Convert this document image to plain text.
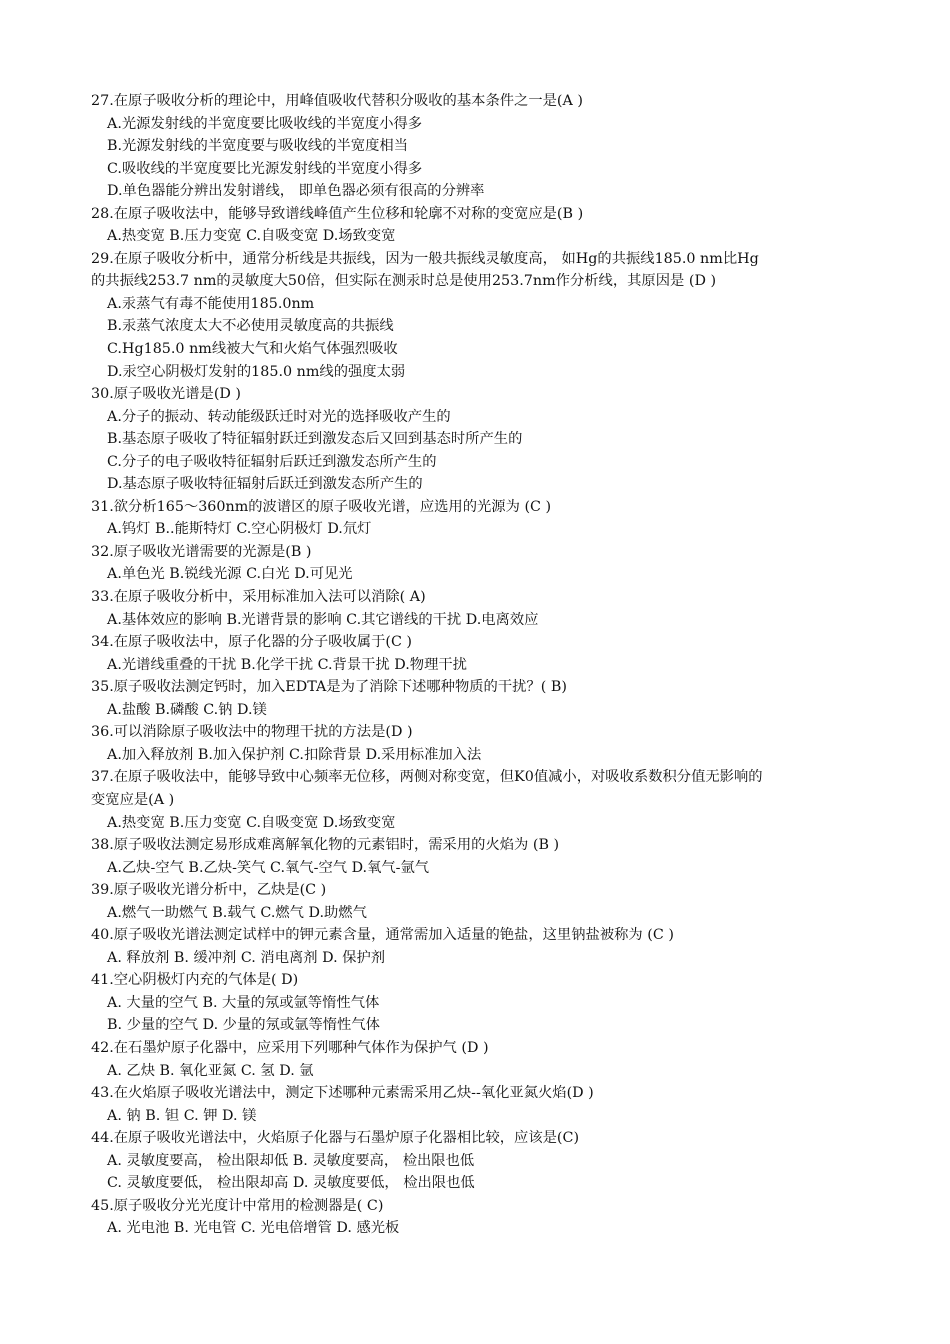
27.在原子吸收分析的理论中，用峰值吸收代替积分吸收的基本条件之一是(A )
A.光源发射线的半宽度要比吸收线的半宽度小得多
B.光源发射线的半宽度要与吸收线的半宽度相当
C.吸收线的半宽度要比光源发射线的半宽度小得多
D.单色器能分辨出发射谱线， 即单色器必须有很高的分辨率
28.在原子吸收法中，能够导致谱线峰值产生位移和轮廓不对称的变宽应是(B )
A.热变宽 B.压力变宽 C.自吸变宽 D.场致变宽
29.在原子吸收分析中，通常分析线是共振线，因为一般共振线灵敏度高， 如Hg的共振线185.0 nm比Hg
的共振线253.7 nm的灵敏度大50倍，但实际在测汞时总是使用253.7nm作分析线，其原因是 (D )
A.汞蒸气有毒不能使用185.0nm
B.汞蒸气浓度太大不必使用灵敏度高的共振线
C.Hg185.0 nm线被大气和火焰气体强烈吸收
D.汞空心阴极灯发射的185.0 nm线的强度太弱
30.原子吸收光谱是(D )
A.分子的振动、转动能级跃迁时对光的选择吸收产生的
B.基态原子吸收了特征辐射跃迁到激发态后又回到基态时所产生的
C.分子的电子吸收特征辐射后跃迁到激发态所产生的
D.基态原子吸收特征辐射后跃迁到激发态所产生的
31.欲分析165～360nm的波谱区的原子吸收光谱，应选用的光源为 (C )
A.钨灯 B..能斯特灯 C.空心阴极灯 D.氘灯
32.原子吸收光谱需要的光源是(B )
A.单色光 B.锐线光源 C.白光 D.可见光
33.在原子吸收分析中，采用标准加入法可以消除( A)
A.基体效应的影响 B.光谱背景的影响 C.其它谱线的干扰 D.电离效应
34.在原子吸收法中，原子化器的分子吸收属于(C )
A.光谱线重叠的干扰 B.化学干扰 C.背景干扰 D.物理干扰
35.原子吸收法测定钙时，加入EDTA是为了消除下述哪种物质的干扰？( B)
A.盐酸 B.磷酸 C.钠 D.镁
36.可以消除原子吸收法中的物理干扰的方法是(D )
A.加入释放剂 B.加入保护剂 C.扣除背景 D.采用标准加入法
37.在原子吸收法中，能够导致中心频率无位移，两侧对称变宽，但K0值减小，对吸收系数积分值无影响的
变宽应是(A )
A.热变宽 B.压力变宽 C.自吸变宽 D.场致变宽
38.原子吸收法测定易形成难离解氧化物的元素铝时，需采用的火焰为 (B )
A.乙炔-空气 B.乙炔-笑气 C.氧气-空气 D.氧气-氩气
39.原子吸收光谱分析中，乙炔是(C )
A.燃气一助燃气 B.载气 C.燃气 D.助燃气
40.原子吸收光谱法测定试样中的钾元素含量，通常需加入适量的铯盐，这里钠盐被称为 (C )
A. 释放剂 B. 缓冲剂 C. 消电离剂 D. 保护剂
41.空心阴极灯内充的气体是( D)
A. 大量的空气 B. 大量的氖或氩等惰性气体
B. 少量的空气 D. 少量的氖或氩等惰性气体
42.在石墨炉原子化器中，应采用下列哪种气体作为保护气 (D )
A. 乙炔 B. 氧化亚氮 C. 氢 D. 氩
43.在火焰原子吸收光谱法中，测定下述哪种元素需采用乙炔--氧化亚氮火焰(D )
A. 钠 B. 钽 C. 钾 D. 镁
44.在原子吸收光谱法中，火焰原子化器与石墨炉原子化器相比较，应该是(C)
A. 灵敏度要高， 检出限却低 B. 灵敏度要高， 检出限也低
C. 灵敏度要低， 检出限却高 D. 灵敏度要低， 检出限也低
45.原子吸收分光光度计中常用的检测器是( C)
A. 光电池 B. 光电管 C. 光电倍增管 D. 感光板
